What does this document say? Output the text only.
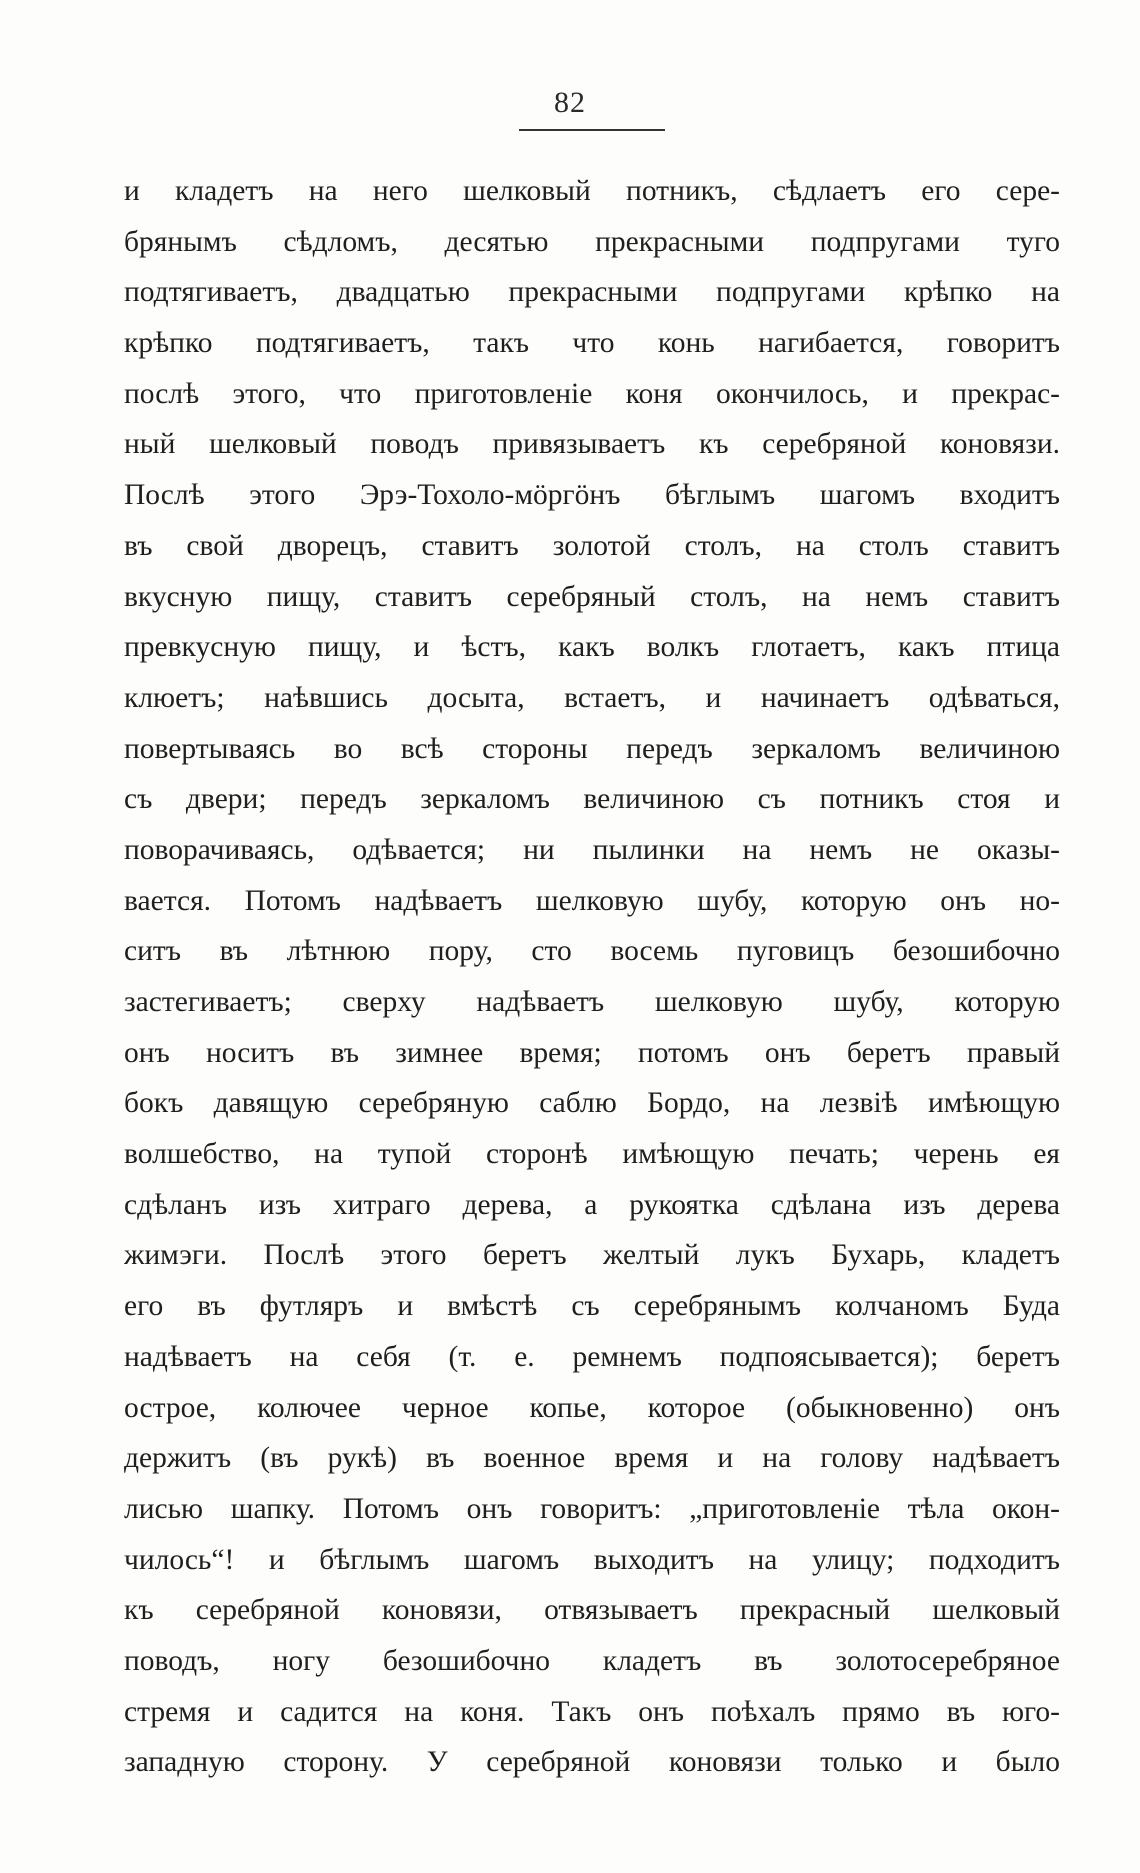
82
и кладетъ на него шелковый потникъ, сѣдлаетъ его сере-
брянымъ сѣдломъ, десятью прекрасными подпругами туго
подтягиваетъ, двадцатью прекрасными подпругами крѣпко на
крѣпко подтягиваетъ, такъ что конь нагибается, говоритъ
послѣ этого, что приготовленіе коня окончилось, и прекрас-
ный шелковый поводъ привязываетъ къ серебряной коновязи.
Послѣ этого Эрэ-Тохоло-мӧргӧнъ бѣглымъ шагомъ входитъ
въ свой дворецъ, ставитъ золотой столъ, на столъ ставитъ
вкусную пищу, ставитъ серебряный столъ, на немъ ставитъ
превкусную пищу, и ѣстъ, какъ волкъ глотаетъ, какъ птица
клюетъ; наѣвшись досыта, встаетъ, и начинаетъ одѣваться,
повертываясь во всѣ стороны передъ зеркаломъ величиною
съ двери; передъ зеркаломъ величиною съ потникъ стоя и
поворачиваясь, одѣвается; ни пылинки на немъ не оказы-
вается. Потомъ надѣваетъ шелковую шубу, которую онъ но-
ситъ въ лѣтнюю пору, сто восемь пуговицъ безошибочно
застегиваетъ; сверху надѣваетъ шелковую шубу, которую
онъ носитъ въ зимнее время; потомъ онъ беретъ правый
бокъ давящую серебряную саблю Бордо, на лезвіѣ имѣющую
волшебство, на тупой сторонѣ имѣющую печать; черень ея
сдѣланъ изъ хитраго дерева, а рукоятка сдѣлана изъ дерева
жимэги. Послѣ этого беретъ желтый лукъ Бухарь, кладетъ
его въ футляръ и вмѣстѣ съ серебрянымъ колчаномъ Буда
надѣваетъ на себя (т. е. ремнемъ подпоясывается); беретъ
острое, колючее черное копье, которое (обыкновенно) онъ
держитъ (въ рукѣ) въ военное время и на голову надѣваетъ
лисью шапку. Потомъ онъ говоритъ: „приготовленіе тѣла окон-
чилось“! и бѣглымъ шагомъ выходитъ на улицу; подходитъ
къ серебряной коновязи, отвязываетъ прекрасный шелковый
поводъ, ногу безошибочно кладетъ въ золотосеребряное
стремя и садится на коня. Такъ онъ поѣхалъ прямо въ юго-
западную сторону. У серебряной коновязи только и было
